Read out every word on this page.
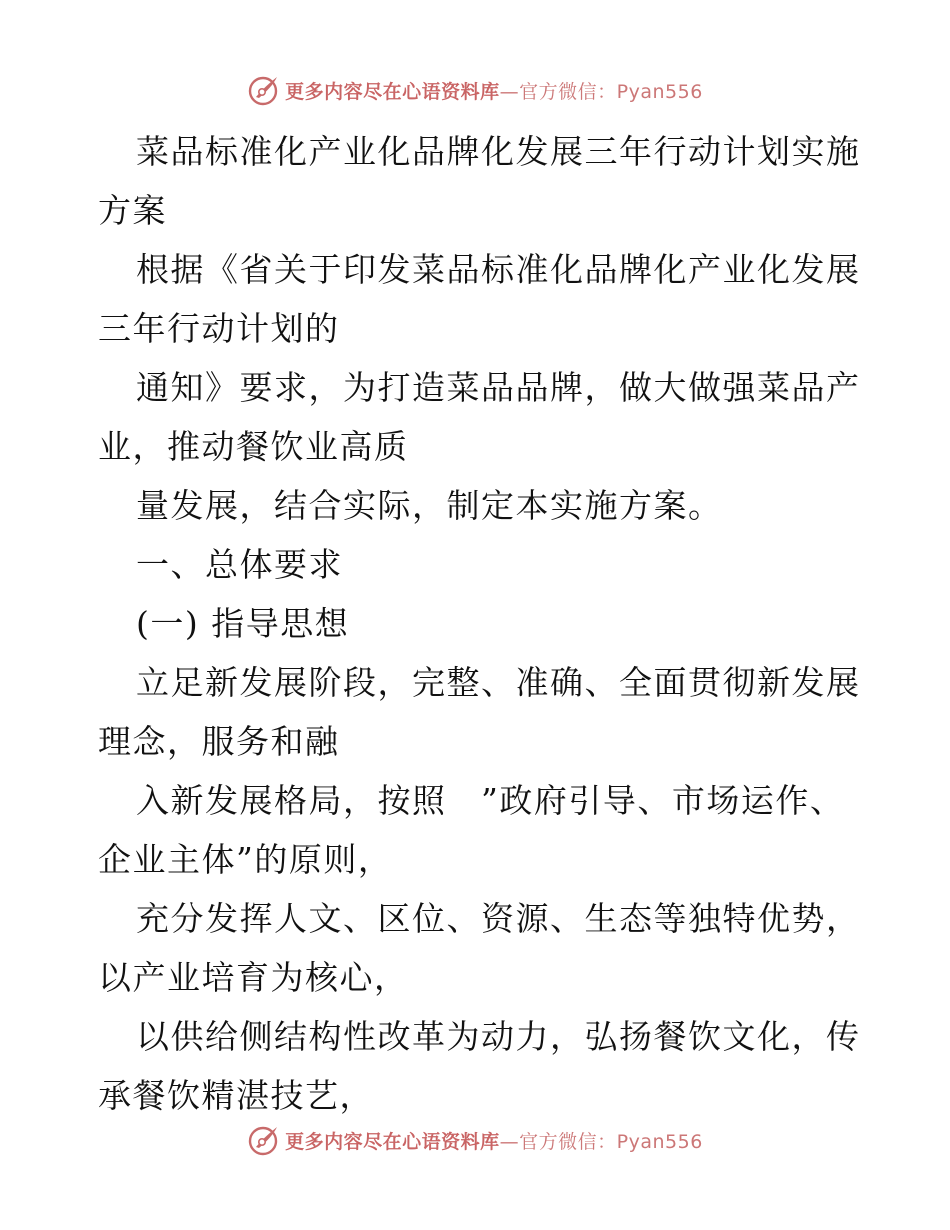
更多内容尽在心语资料库—官方微信：Pyan556
菜品标准化产业化品牌化发展三年行动计划实施
方案
根据《省关于印发菜品标准化品牌化产业化发展
三年行动计划的
通知》要求，为打造菜品品牌，做大做强菜品产
业，推动餐饮业高质
量发展，结合实际，制定本实施方案。
一、总体要求
(一) 指导思想
立足新发展阶段，完整、准确、全面贯彻新发展
理念，服务和融
入新发展格局，按照　”政府引导、市场运作、
企业主体”的原则，
充分发挥人文、区位、资源、生态等独特优势，
以产业培育为核心，
以供给侧结构性改革为动力，弘扬餐饮文化，传
承餐饮精湛技艺，
更多内容尽在心语资料库—官方微信：Pyan556
